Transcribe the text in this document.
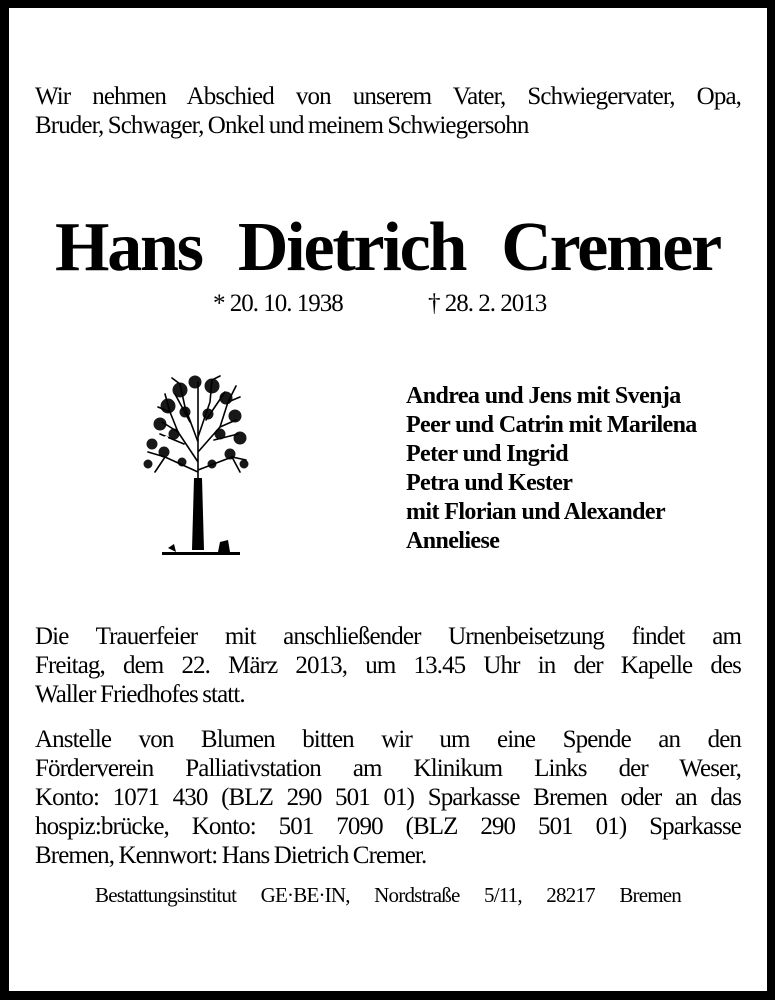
Wir nehmen Abschied von unserem Vater, Schwiegervater, Opa,
Bruder, Schwager, Onkel und meinem Schwiegersohn
Hans Dietrich Cremer
* 20. 10. 1938	† 28. 2. 2013
Andrea und Jens mit Svenja
Peer und Catrin mit Marilena
Peter und Ingrid
Petra und Kester
mit Florian und Alexander
Anneliese
Die Trauerfeier mit anschließender Urnenbeisetzung findet am
Freitag, dem 22. März 2013, um 13.45 Uhr in der Kapelle des
Waller Friedhofes statt.
Anstelle von Blumen bitten wir um eine Spende an den
Förderverein Palliativstation am Klinikum Links der Weser,
Konto: 1071 430 (BLZ 290 501 01) Sparkasse Bremen oder an das
hospiz:brücke, Konto: 501 7090 (BLZ 290 501 01) Sparkasse
Bremen, Kennwort: Hans Dietrich Cremer.
Bestattungsinstitut GE·BE·IN, Nordstraße 5/11, 28217 Bremen
